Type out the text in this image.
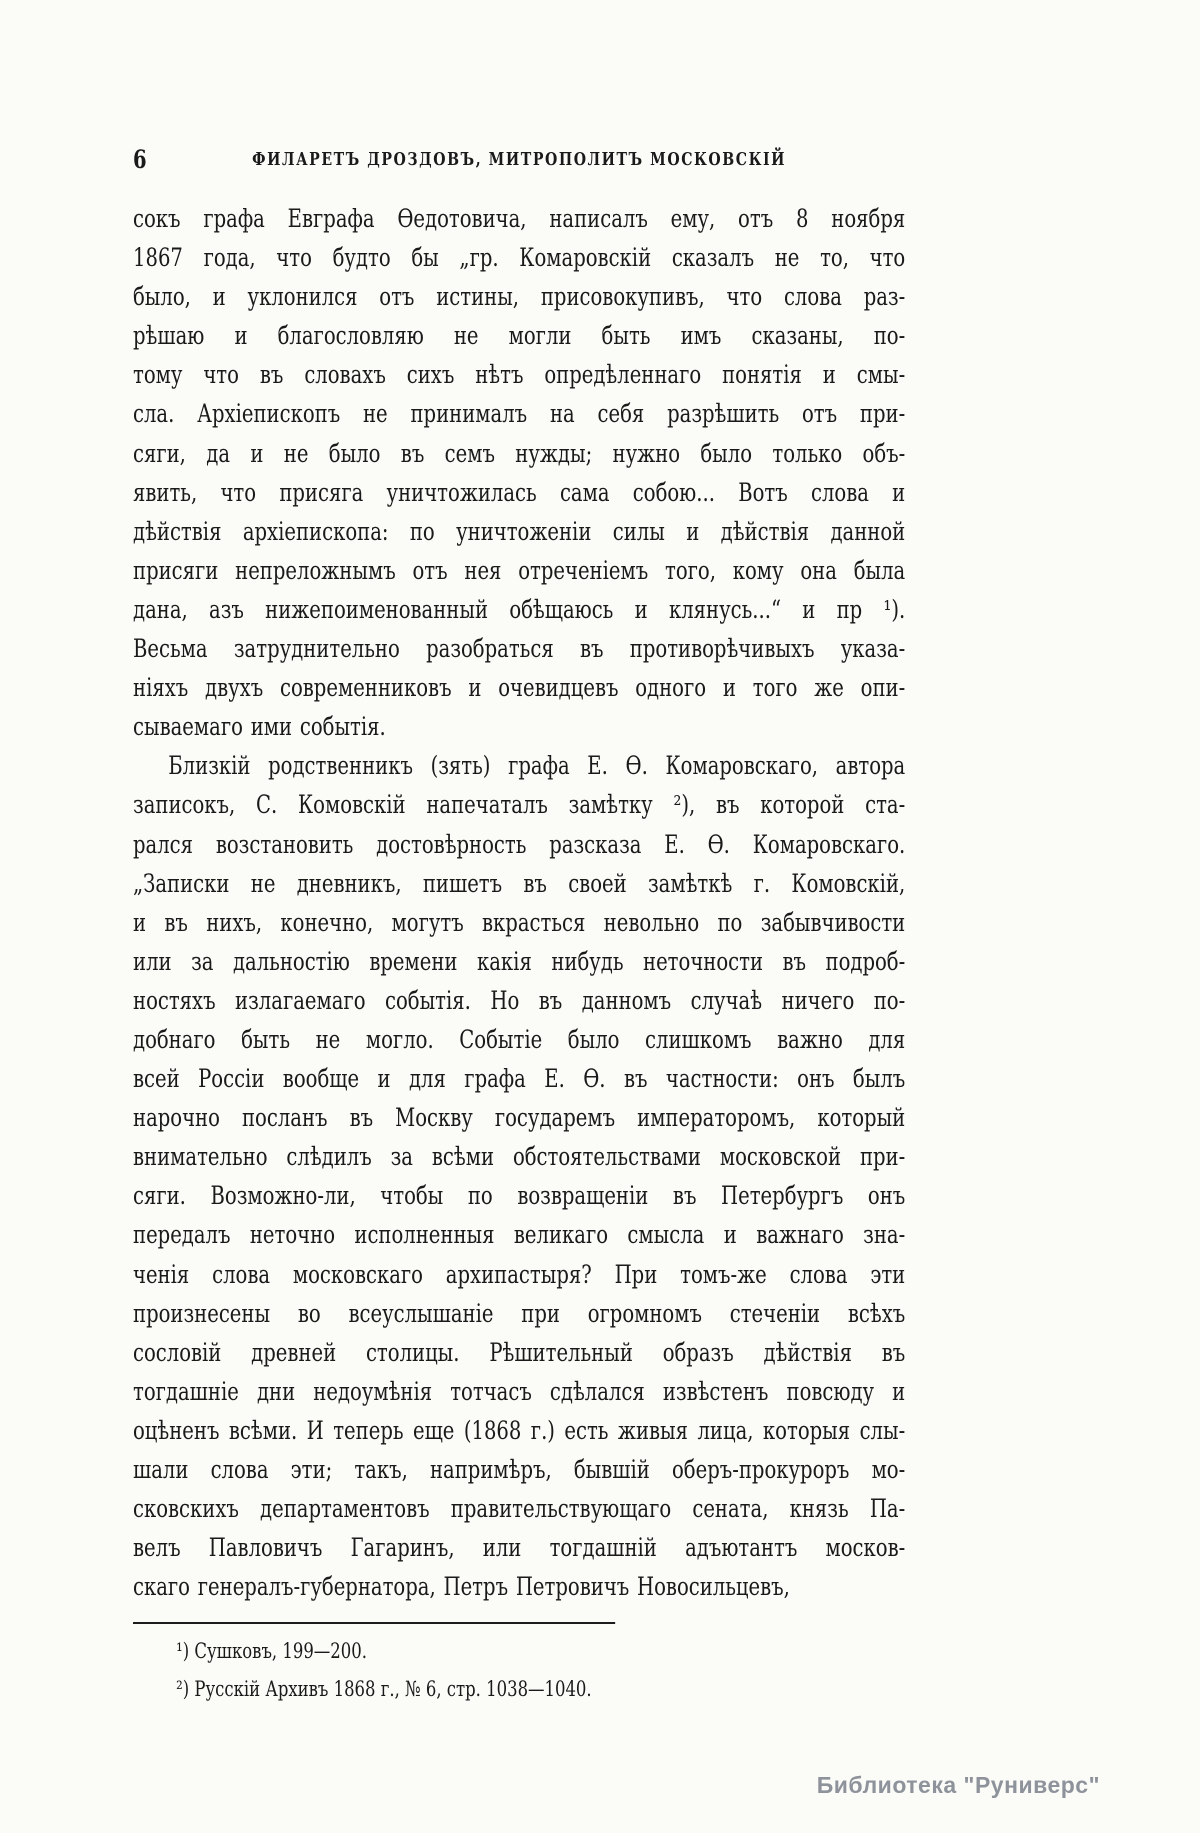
6	ФИЛАРЕТЪ ДРОЗДОВЪ, МИТРОПОЛИТЪ МОСКОВСКІЙ
сокъ графа Евграфа Ѳедотовича, написалъ ему, отъ 8 ноября
1867 года, что будто бы „гр. Комаровскій сказалъ не то, что
было, и уклонился отъ истины, присовокупивъ, что слова раз-
рѣшаю и благословляю не могли быть имъ сказаны, по-
тому что въ словахъ сихъ нѣтъ опредѣленнаго понятія и смы-
сла. Архіепископъ не принималъ на себя разрѣшить отъ при-
сяги, да и не было въ семъ нужды; нужно было только объ-
явить, что присяга уничтожилась сама собою... Вотъ слова и
дѣйствія архіепископа: по уничтоженіи силы и дѣйствія данной
присяги непреложнымъ отъ нея отреченіемъ того, кому она была
дана, азъ нижепоименованный обѣщаюсь и клянусь...“ и пр ¹).
Весьма затруднительно разобраться въ противорѣчивыхъ указа-
ніяхъ двухъ современниковъ и очевидцевъ одного и того же опи-
сываемаго ими событія.
Близкій родственникъ (зять) графа Е. Ѳ. Комаровскаго, автора
записокъ, С. Комовскій напечаталъ замѣтку ²), въ которой ста-
рался возстановить достовѣрность разсказа Е. Ѳ. Комаровскаго.
„Записки не дневникъ, пишетъ въ своей замѣткѣ г. Комовскій,
и въ нихъ, конечно, могутъ вкрасться невольно по забывчивости
или за дальностію времени какія нибудь неточности въ подроб-
ностяхъ излагаемаго событія. Но въ данномъ случаѣ ничего по-
добнаго быть не могло. Событіе было слишкомъ важно для
всей Россіи вообще и для графа Е. Ѳ. въ частности: онъ былъ
нарочно посланъ въ Москву государемъ императоромъ, который
внимательно слѣдилъ за всѣми обстоятельствами московской при-
сяги. Возможно-ли, чтобы по возвращеніи въ Петербургъ онъ
передалъ неточно исполненныя великаго смысла и важнаго зна-
ченія слова московскаго архипастыря? При томъ-же слова эти
произнесены во всеуслышаніе при огромномъ стеченіи всѣхъ
сословій древней столицы. Рѣшительный образъ дѣйствія въ
тогдашніе дни недоумѣнія тотчасъ сдѣлался извѣстенъ повсюду и
оцѣненъ всѣми. И теперь еще (1868 г.) есть живыя лица, которыя слы-
шали слова эти; такъ, напримѣръ, бывшій оберъ-прокуроръ мо-
сковскихъ департаментовъ правительствующаго сената, князь Па-
велъ Павловичъ Гагаринъ, или тогдашній адъютантъ москов-
скаго генералъ-губернатора, Петръ Петровичъ Новосильцевъ,
¹) Сушковъ, 199—200.
²) Русскій Архивъ 1868 г., № 6, стр. 1038—1040.
Библиотека "Руниверс"
